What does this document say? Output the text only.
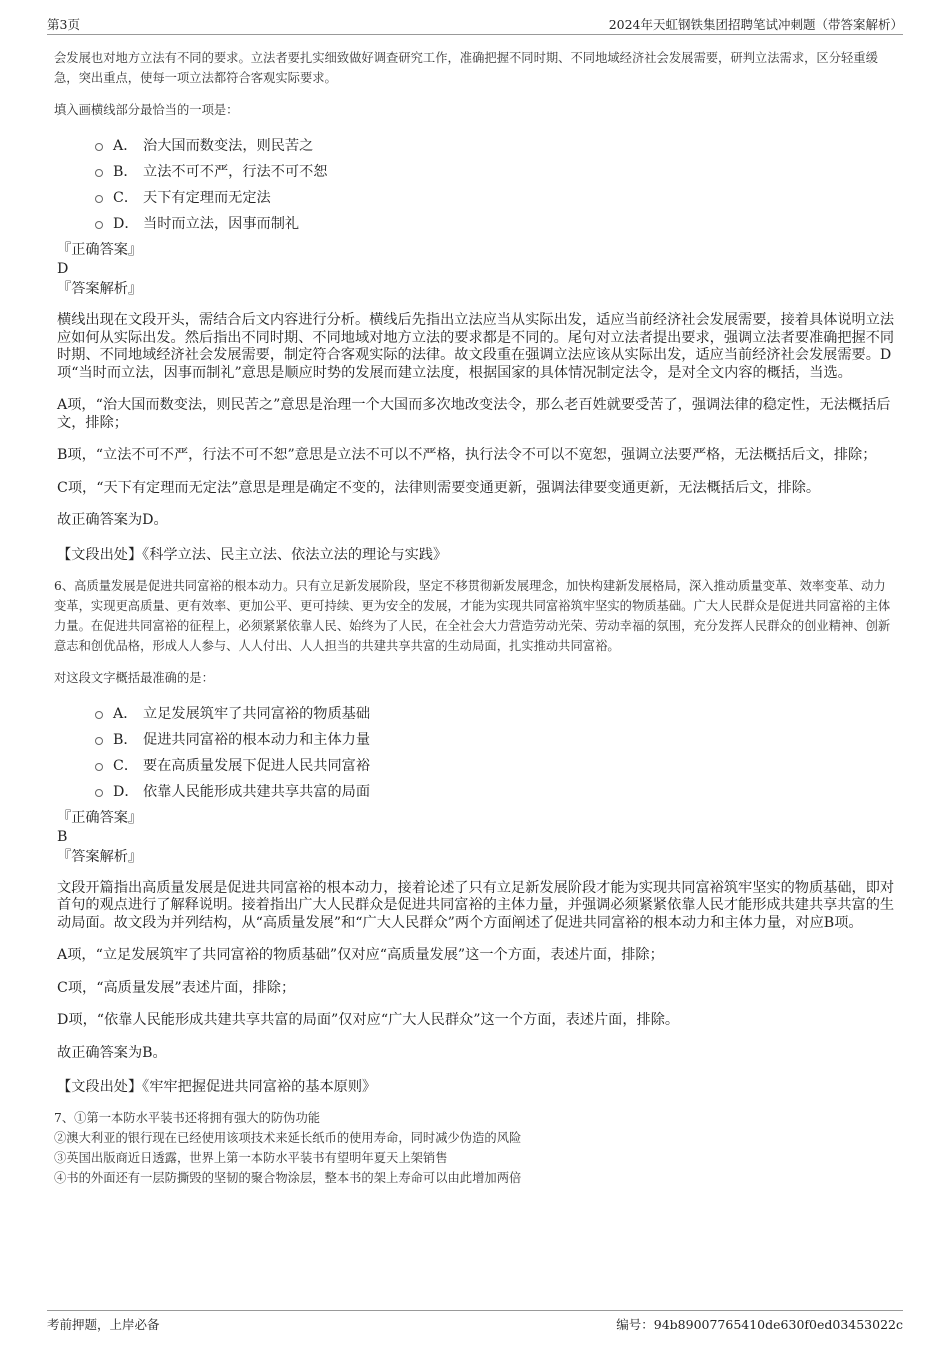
第3页	2024年天虹钢铁集团招聘笔试冲刺题（带答案解析）

会发展也对地方立法有不同的要求。立法者要扎实细致做好调查研究工作，准确把握不同时期、不同地域经济社会发展需要，研判立法需求，区分轻重缓急，突出重点，使每一项立法都符合客观实际要求。

填入画横线部分最恰当的一项是：

A． 治大国而数变法，则民苦之
B． 立法不可不严，行法不可不恕
C． 天下有定理而无定法
D． 当时而立法，因事而制礼

『正确答案』

D

『答案解析』

横线出现在文段开头，需结合后文内容进行分析。横线后先指出立法应当从实际出发，适应当前经济社会发展需要，接着具体说明立法应如何从实际出发。然后指出不同时期、不同地域对地方立法的要求都是不同的。尾句对立法者提出要求，强调立法者要准确把握不同时期、不同地域经济社会发展需要，制定符合客观实际的法律。故文段重在强调立法应该从实际出发，适应当前经济社会发展需要。D项“当时而立法，因事而制礼”意思是顺应时势的发展而建立法度，根据国家的具体情况制定法令，是对全文内容的概括，当选。

A项，“治大国而数变法，则民苦之”意思是治理一个大国而多次地改变法令，那么老百姓就要受苦了，强调法律的稳定性，无法概括后文，排除；

B项，“立法不可不严，行法不可不恕”意思是立法不可以不严格，执行法令不可以不宽恕，强调立法要严格，无法概括后文，排除；

C项，“天下有定理而无定法”意思是理是确定不变的，法律则需要变通更新，强调法律要变通更新，无法概括后文，排除。

故正确答案为D。

【文段出处】《科学立法、民主立法、依法立法的理论与实践》

6、高质量发展是促进共同富裕的根本动力。只有立足新发展阶段，坚定不移贯彻新发展理念，加快构建新发展格局，深入推动质量变革、效率变革、动力变革，实现更高质量、更有效率、更加公平、更可持续、更为安全的发展，才能为实现共同富裕筑牢坚实的物质基础。广大人民群众是促进共同富裕的主体力量。在促进共同富裕的征程上，必须紧紧依靠人民、始终为了人民，在全社会大力营造劳动光荣、劳动幸福的氛围，充分发挥人民群众的创业精神、创新意志和创优品格，形成人人参与、人人付出、人人担当的共建共享共富的生动局面，扎实推动共同富裕。

对这段文字概括最准确的是：

A． 立足发展筑牢了共同富裕的物质基础
B． 促进共同富裕的根本动力和主体力量
C． 要在高质量发展下促进人民共同富裕
D． 依靠人民能形成共建共享共富的局面

『正确答案』

B

『答案解析』

文段开篇指出高质量发展是促进共同富裕的根本动力，接着论述了只有立足新发展阶段才能为实现共同富裕筑牢坚实的物质基础，即对首句的观点进行了解释说明。接着指出广大人民群众是促进共同富裕的主体力量，并强调必须紧紧依靠人民才能形成共建共享共富的生动局面。故文段为并列结构，从“高质量发展”和“广大人民群众”两个方面阐述了促进共同富裕的根本动力和主体力量，对应B项。

A项，“立足发展筑牢了共同富裕的物质基础”仅对应“高质量发展”这一个方面，表述片面，排除；

C项，“高质量发展”表述片面，排除；

D项，“依靠人民能形成共建共享共富的局面”仅对应“广大人民群众”这一个方面，表述片面，排除。

故正确答案为B。

【文段出处】《牢牢把握促进共同富裕的基本原则》

7、①第一本防水平装书还将拥有强大的防伪功能

②澳大利亚的银行现在已经使用该项技术来延长纸币的使用寿命，同时减少伪造的风险

③英国出版商近日透露，世界上第一本防水平装书有望明年夏天上架销售

④书的外面还有一层防撕毁的坚韧的聚合物涂层，整本书的架上寿命可以由此增加两倍

考前押题，上岸必备	编号：94b89007765410de630f0ed03453022c
